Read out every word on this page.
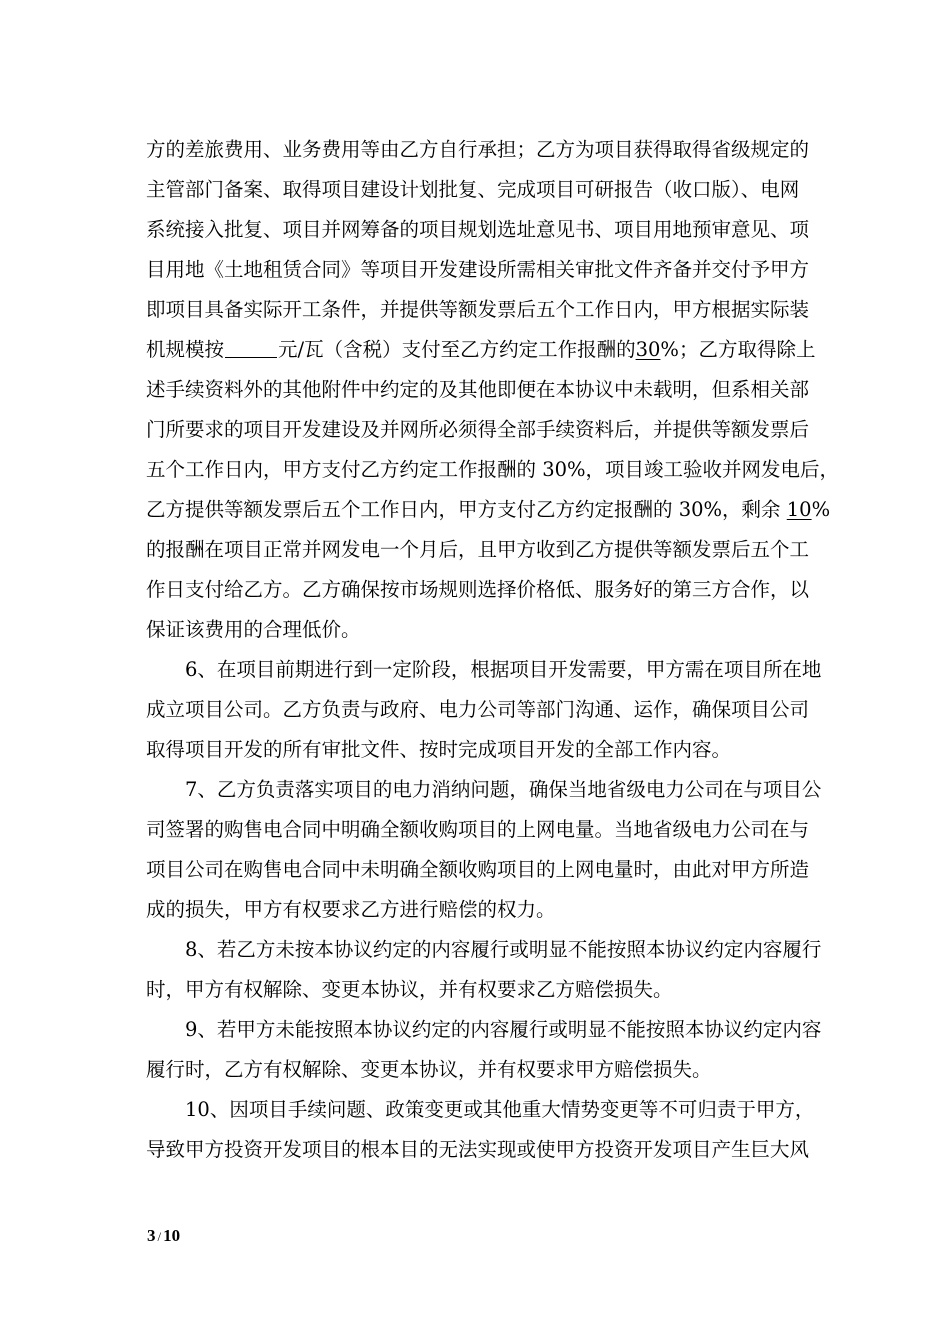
方的差旅费用、业务费用等由乙方自行承担；乙方为项目获得取得省级规定的
主管部门备案、取得项目建设计划批复、完成项目可研报告（收口版）、电网
系统接入批复、项目并网筹备的项目规划选址意见书、项目用地预审意见、项
目用地《土地租赁合同》等项目开发建设所需相关审批文件齐备并交付予甲方
即项目具备实际开工条件，并提供等额发票后五个工作日内，甲方根据实际装
机规模按	元/瓦（含税）支付至乙方约定工作报酬的30%；乙方取得除上
述手续资料外的其他附件中约定的及其他即便在本协议中未载明，但系相关部
门所要求的项目开发建设及并网所必须得全部手续资料后，并提供等额发票后
五个工作日内，甲方支付乙方约定工作报酬的 30%，项目竣工验收并网发电后，
乙方提供等额发票后五个工作日内，甲方支付乙方约定报酬的 30%，剩余 10%
的报酬在项目正常并网发电一个月后，且甲方收到乙方提供等额发票后五个工
作日支付给乙方。乙方确保按市场规则选择价格低、服务好的第三方合作，以
保证该费用的合理低价。
6、在项目前期进行到一定阶段，根据项目开发需要，甲方需在项目所在地
成立项目公司。乙方负责与政府、电力公司等部门沟通、运作，确保项目公司
取得项目开发的所有审批文件、按时完成项目开发的全部工作内容。
7、乙方负责落实项目的电力消纳问题，确保当地省级电力公司在与项目公
司签署的购售电合同中明确全额收购项目的上网电量。当地省级电力公司在与
项目公司在购售电合同中未明确全额收购项目的上网电量时，由此对甲方所造
成的损失，甲方有权要求乙方进行赔偿的权力。
8、若乙方未按本协议约定的内容履行或明显不能按照本协议约定内容履行
时，甲方有权解除、变更本协议，并有权要求乙方赔偿损失。
9、若甲方未能按照本协议约定的内容履行或明显不能按照本协议约定内容
履行时，乙方有权解除、变更本协议，并有权要求甲方赔偿损失。
10、因项目手续问题、政策变更或其他重大情势变更等不可归责于甲方，
导致甲方投资开发项目的根本目的无法实现或使甲方投资开发项目产生巨大风
3 / 10
